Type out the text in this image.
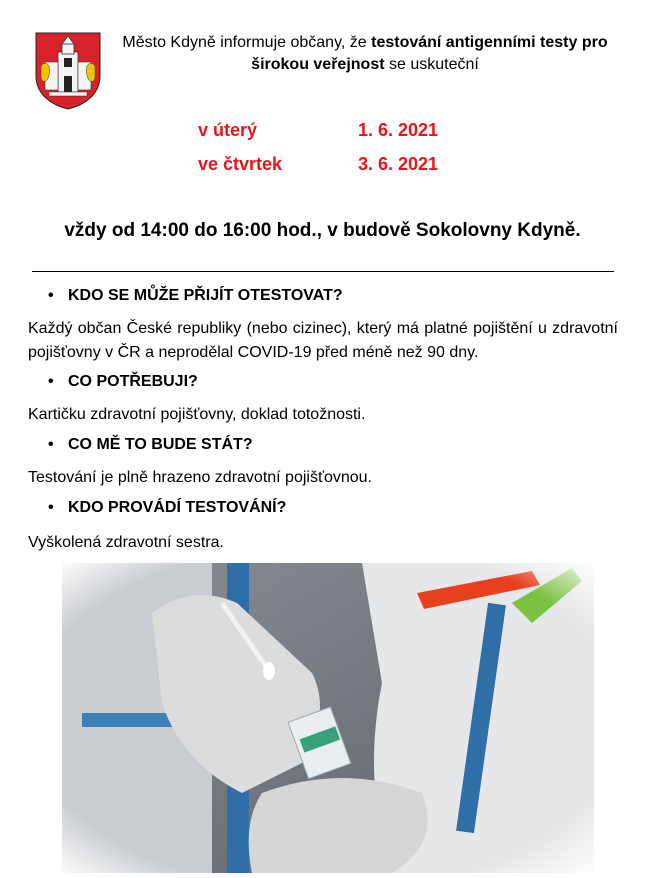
Město Kdyně informuje občany, že testování antigenními testy pro širokou veřejnost se uskuteční
v úterý	1. 6. 2021
ve čtvrtek	3. 6. 2021
vždy od 14:00 do 16:00 hod., v budově Sokolovny Kdyně.
• KDO SE MŮŽE PŘIJÍT OTESTOVAT?
Každý občan České republiky (nebo cizinec), který má platné pojištění u zdravotní pojišťovny v ČR a neprodělal COVID-19 před méně než 90 dny.
• CO POTŘEBUJI?
Kartičku zdravotní pojišťovny, doklad totožnosti.
• CO MĚ TO BUDE STÁT?
Testování je plně hrazeno zdravotní pojišťovnou.
• KDO PROVÁDÍ TESTOVÁNÍ?
Vyškolená zdravotní sestra.
